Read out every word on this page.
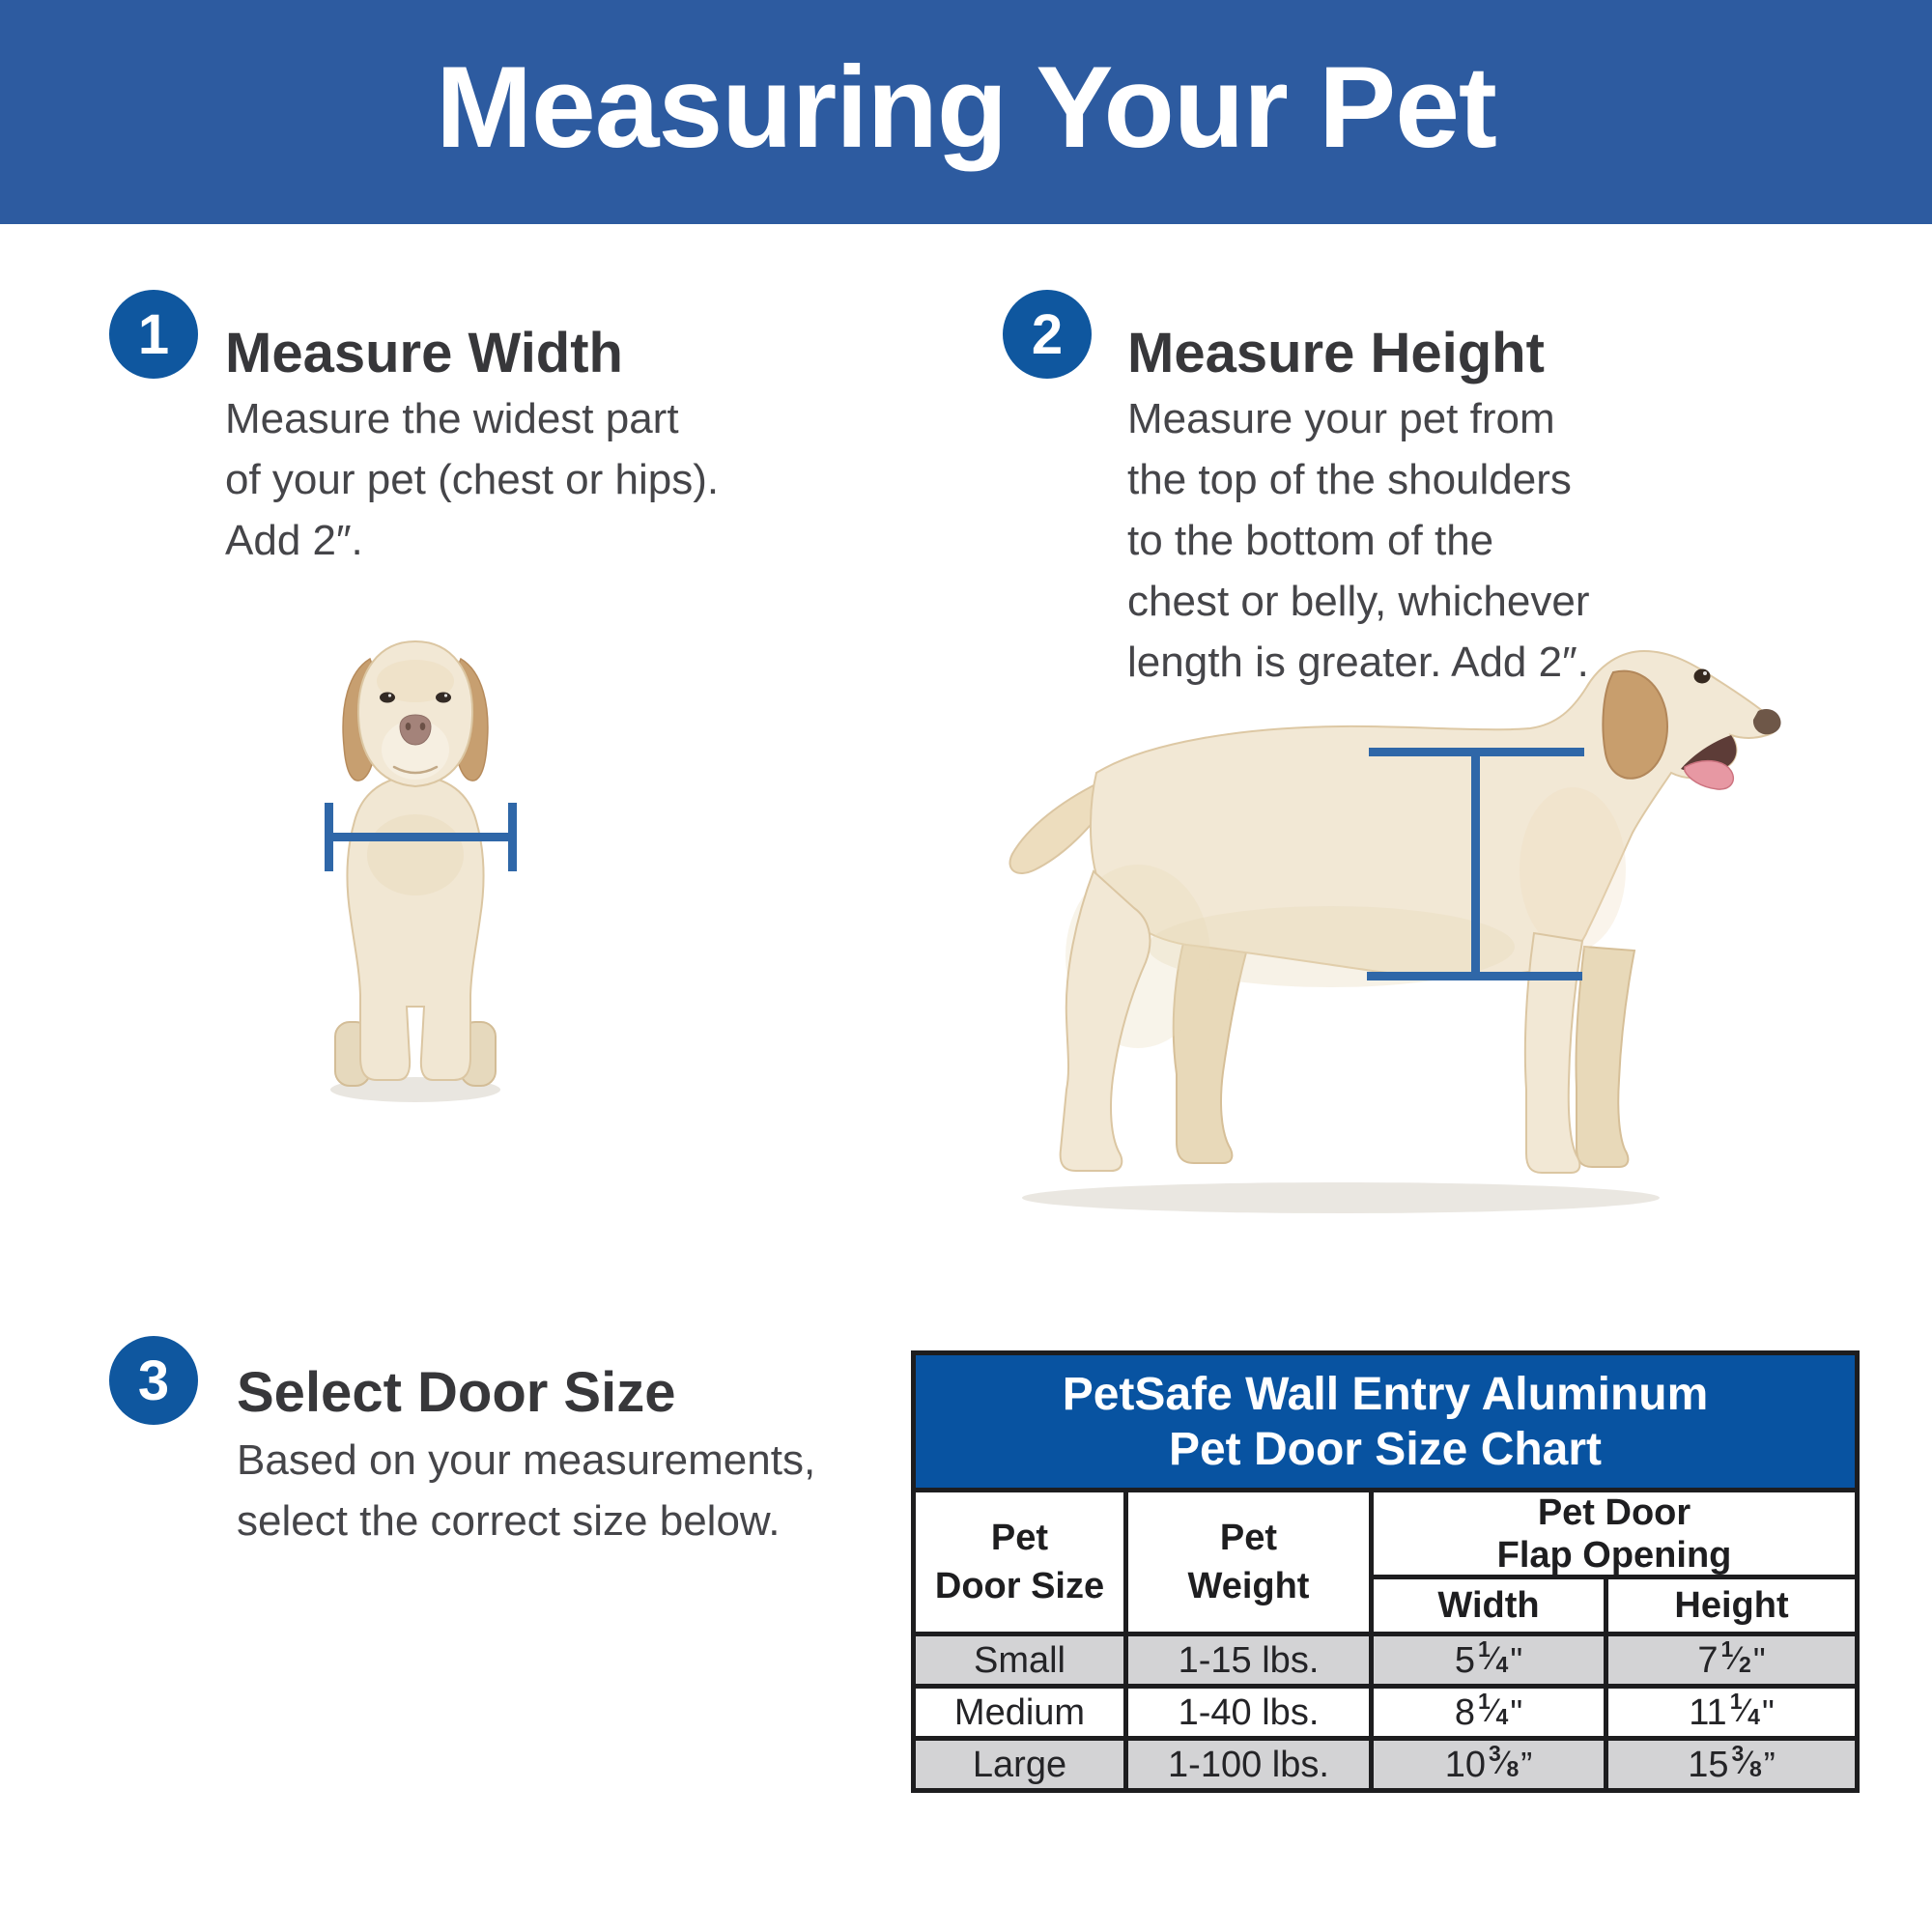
Measuring Your Pet
1 Measure Width
Measure the widest part
of your pet (chest or hips).
Add 2″.
2 Measure Height
Measure your pet from
the top of the shoulders
to the bottom of the
chest or belly, whichever
length is greater. Add 2″.
3 Select Door Size
Based on your measurements,
select the correct size below.
PetSafe Wall Entry Aluminum
Pet Door Size Chart
Pet
Door Size
Pet
Weight
Pet Door
Flap Opening
Width	Height
Small	1-15 lbs.	5$^1$ $⁄_4$ "	7$^1$ $⁄_2$ "
Medium	1-40 lbs.	8$^1$ $⁄_4$ "	11$^1$ $⁄_4$ "
Large	1-100 lbs.	10$^3$ $⁄_8$ ”	15$^3$ $⁄_8$ ”
